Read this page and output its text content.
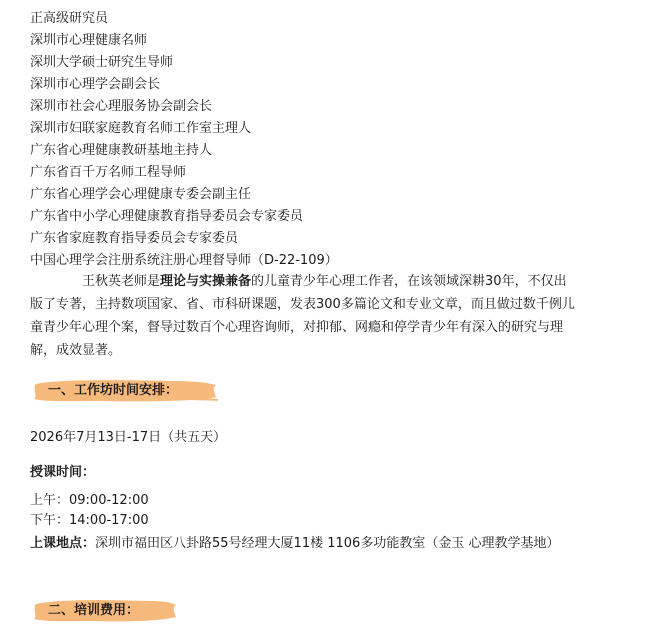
正高级研究员
深圳市心理健康名师
深圳大学硕士研究生导师
深圳市心理学会副会长
深圳市社会心理服务协会副会长
深圳市妇联家庭教育名师工作室主理人
广东省心理健康教研基地主持人
广东省百千万名师工程导师
广东省心理学会心理健康专委会副主任
广东省中小学心理健康教育指导委员会专家委员
广东省家庭教育指导委员会专家委员
中国心理学会注册系统注册心理督导师（D-22-109）
王秋英老师是理论与实操兼备的儿童青少年心理工作者，在该领域深耕30年，不仅出版了专著，主持数项国家、省、市科研课题，发表300多篇论文和专业文章，而且做过数千例儿童青少年心理个案，督导过数百个心理咨询师，对抑郁、网瘾和停学青少年有深入的研究与理解，成效显著。
一、工作坊时间安排：
2026年7月13日-17日（共五天）
授课时间：
上午：09:00-12:00
下午：14:00-17:00
上课地点：深圳市福田区八卦路55号经理大厦11楼 1106多功能教室（金玉 心理教学基地）
二、培训费用：
